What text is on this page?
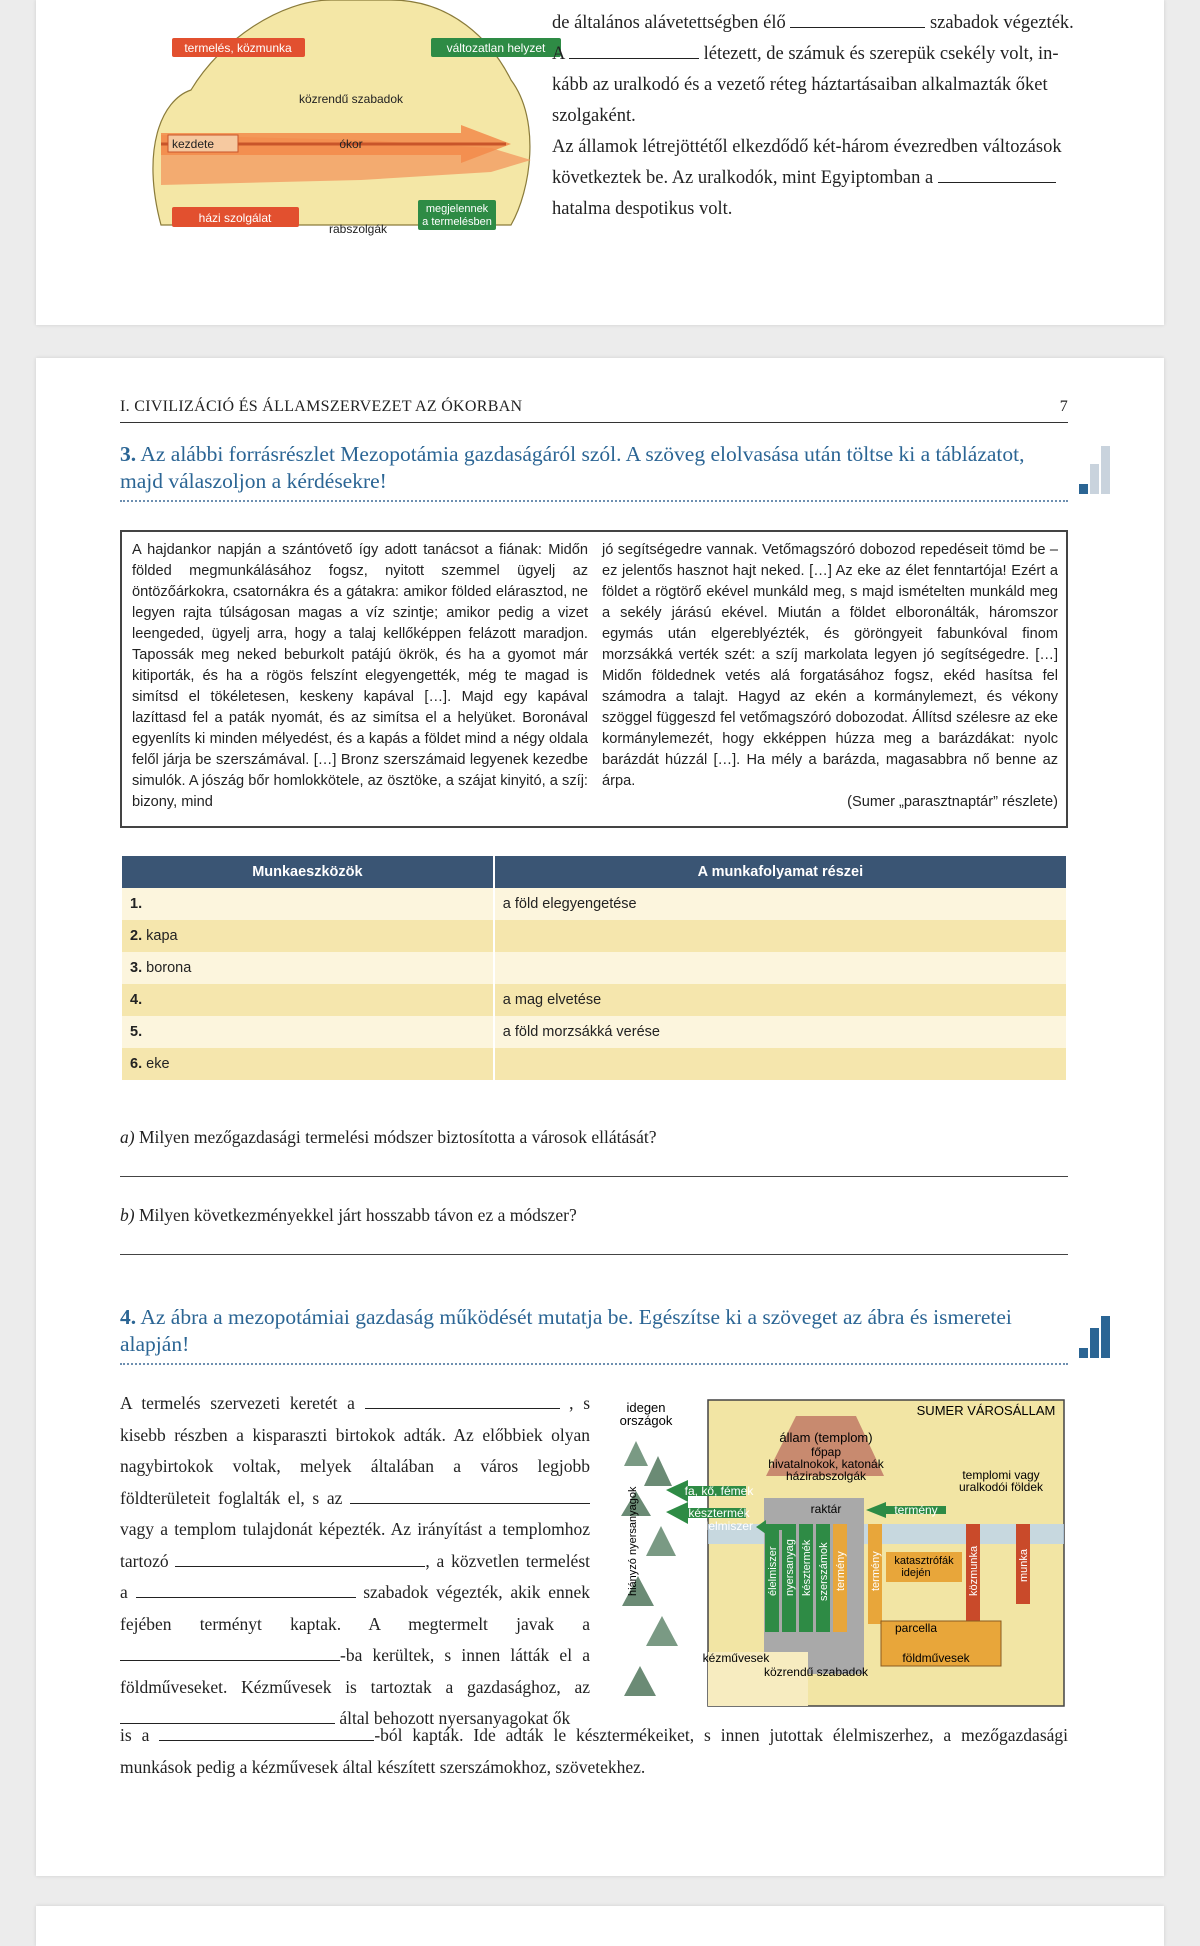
termelés, közmunka	változatlan helyzet
közrendű szabadok
kezdete	ókor
házi szolgálat
rabszolgák
megjelennek
a termelésben
de általános alávetettségben élő	szabadok végezték.
A	létezett, de számuk és szerepük csekély volt, in-
kább az uralkodó és a vezető réteg háztartásaiban alkalmazták őket
szolgaként.
Az államok létrejöttétől elkezdődő két-három évezredben változások
következtek be. Az uralkodók, mint Egyiptomban a
hatalma despotikus volt.
I. CIVILIZÁCIÓ ÉS ÁLLAMSZERVEZET AZ ÓKORBAN	7
3. Az alábbi forrásrészlet Mezopotámia gazdaságáról szól. A szöveg elolvasása után töltse ki a táblázatot,
majd válaszoljon a kérdésekre!
A hajdankor napján a szántóvető így adott tanácsot a fiának: Midőn földed megmunkálásához fogsz, nyitott szemmel ügyelj az öntözőárkokra, csatornákra és a gátakra: amikor földed elárasztod, ne legyen rajta túlságosan magas a víz szintje; amikor pedig a vizet leengeded, ügyelj arra, hogy a talaj kellőképpen felázott maradjon. Tapossák meg neked beburkolt patájú ökrök, és ha a gyomot már kitiporták, és ha a rögös felszínt elegyengették, még te magad is simítsd el tökéletesen, keskeny kapával […]. Majd egy kapával lazíttasd fel a paták nyomát, és az simítsa el a helyüket. Boronával egyenlíts ki minden mélyedést, és a kapás a földet mind a négy oldala felől járja be szerszámával. […] Bronz szerszámaid legyenek kezedbe simulók. A jószág bőr homlokkötele, az ösztöke, a szájat kinyitó, a szíj: bizony, mind
jó segítségedre vannak. Vetőmagszóró dobozod repedéseit tömd be – ez jelentős hasznot hajt neked. […] Az eke az élet fenntartója! Ezért a földet a rögtörő ekével munkáld meg, s majd ismételten munkáld meg a sekély járású ekével. Miután a földet elboronálták, háromszor egymás után elgereblyézték, és göröngyeit fabunkóval finom morzsákká verték szét: a szíj markolata legyen jó segítségedre. […] Midőn földednek vetés alá forgatásához fogsz, ekéd hasítsa fel számodra a talajt. Hagyd az ekén a kormánylemezt, és vékony szöggel függeszd fel vetőmagszóró dobozodat. Állítsd szélesre az eke kormánylemezét, hogy ekképpen húzza meg a barázdákat: nyolc barázdát húzzál […]. Ha mély a barázda, magasabbra nő benne az árpa.
(Sumer „parasztnaptár” részlete)
Munkaeszközök	A munkafolyamat részei
1.	a föld elegyengetése
2. kapa	
3. borona	
4.	a mag elvetése
5.	a föld morzsákká verése
6. eke	
a) Milyen mezőgazdasági termelési módszer biztosította a városok ellátását?
b) Milyen következményekkel járt hosszabb távon ez a módszer?
4. Az ábra a mezopotámiai gazdaság működését mutatja be. Egészítse ki a szöveget az ábra és ismeretei
alapján!
A termelés szervezeti keretét a	, s kisebb részben a kisparaszti birtokok adták. Az előbbiek olyan nagybirtokok voltak, melyek általában a város legjobb földterületeit foglalták el, s az  vagy a templom tulajdonát képezték. Az irányítást a templomhoz tartozó	, a közvetlen termelést a	szabadok végezték, akik ennek fejében terményt kaptak. A megtermelt javak a -ba kerültek, s innen látták el a földműveseket. Kézművesek is tartoztak a gazdasághoz, az  által behozott nyersanyagokat ők
is a	-ból kapták. Ide adták le késztermékeiket, s innen jutottak élelmiszerhez, a mezőgazdasági munkások pedig a kézművesek által készített szerszámokhoz, szövetekhez.
idegen
országok
hiányzó nyersanyagok
SUMER VÁROSÁLLAM
állam (templom)
főpap
hivatalnokok, katonák
házirabszolgák	templomi vagy
uralkodói földek
fa, kő, fémek
késztermék	raktár
élelmiszer
termény
élelmiszer nyersanyag késztermék szerszámok termény termény katasztrófák
idején	közmunka	munka
parcella
kézművesek	földművesek
közrendű szabadok
